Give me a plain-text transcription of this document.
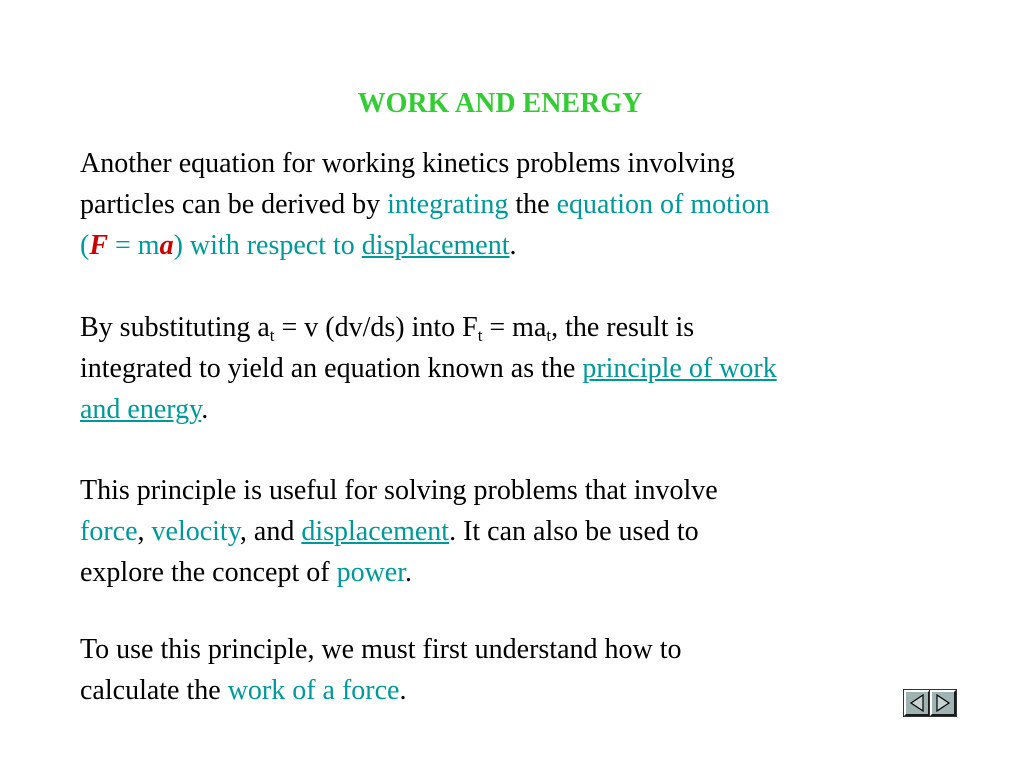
WORK AND ENERGY
Another equation for working kinetics problems involving
particles can be derived by integrating the equation of motion
(F = ma) with respect to displacement.
By substituting $a_t = v$ (dv/ds) into $F_t = ma_t$, the result is
integrated to yield an equation known as the principle of work
and energy.
This principle is useful for solving problems that involve
force, velocity, and displacement. It can also be used to
explore the concept of power.
To use this principle, we must first understand how to
calculate the work of a force.
